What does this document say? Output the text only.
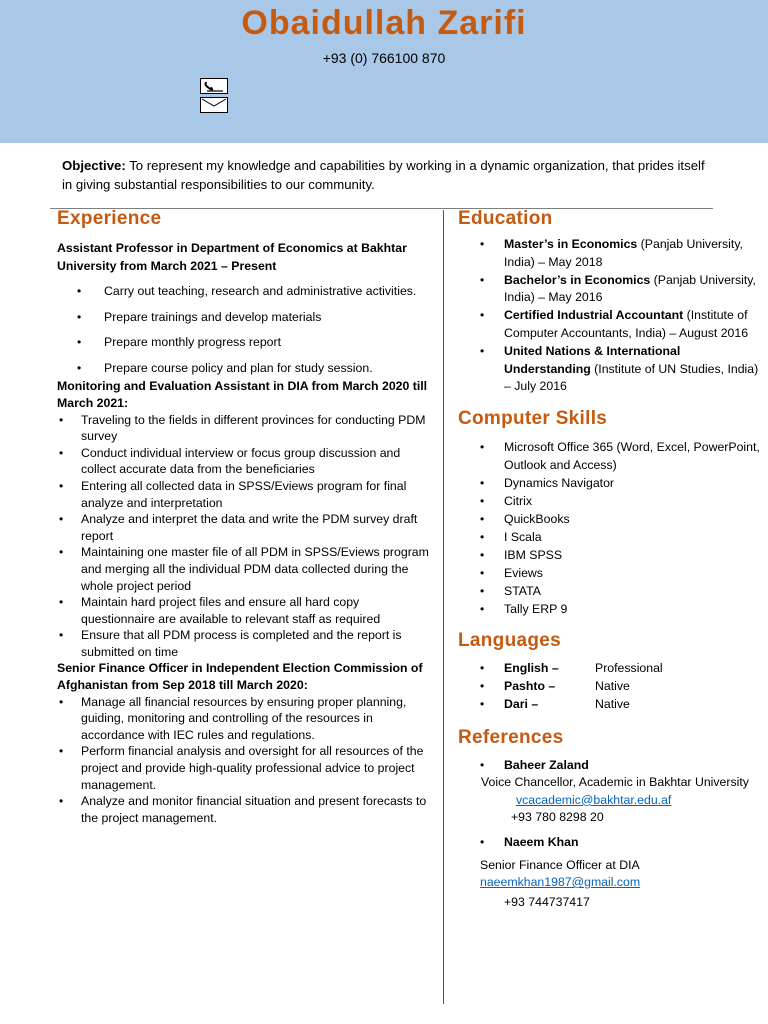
Obaidullah Zarifi
+93 (0) 766100 870
Objective: To represent my knowledge and capabilities by working in a dynamic organization, that prides itself in giving substantial responsibilities to our community.
Experience
Assistant Professor in Department of Economics at Bakhtar University from March 2021 – Present
• Carry out teaching, research and administrative activities.
• Prepare trainings and develop materials
• Prepare monthly progress report
• Prepare course policy and plan for study session.
Monitoring and Evaluation Assistant in DIA from March 2020 till March 2021:
• Traveling to the fields in different provinces for conducting PDM survey
• Conduct individual interview or focus group discussion and collect accurate data from the beneficiaries
• Entering all collected data in SPSS/Eviews program for final analyze and interpretation
• Analyze and interpret the data and write the PDM survey draft report
• Maintaining one master file of all PDM in SPSS/Eviews program and merging all the individual PDM data collected during the whole project period
• Maintain hard project files and ensure all hard copy questionnaire are available to relevant staff as required
• Ensure that all PDM process is completed and the report is submitted on time
Senior Finance Officer in Independent Election Commission of Afghanistan from Sep 2018 till March 2020:
• Manage all financial resources by ensuring proper planning, guiding, monitoring and controlling of the resources in accordance with IEC rules and regulations.
• Perform financial analysis and oversight for all resources of the project and provide high-quality professional advice to project management.
• Analyze and monitor financial situation and present forecasts to the project management.
Education
• Master’s in Economics (Panjab University, India) – May 2018
• Bachelor’s in Economics (Panjab University, India) – May 2016
• Certified Industrial Accountant (Institute of Computer Accountants, India) – August 2016
• United Nations & International Understanding (Institute of UN Studies, India) – July 2016
Computer Skills
• Microsoft Office 365 (Word, Excel, PowerPoint, Outlook and Access)
• Dynamics Navigator
• Citrix
• QuickBooks
• I Scala
• IBM SPSS
• Eviews
• STATA
• Tally ERP 9
Languages
• English –	Professional
• Pashto –	Native
• Dari –	Native
References
• Baheer Zaland
Voice Chancellor, Academic in Bakhtar University
vcacademic@bakhtar.edu.af
+93 780 8298 20
• Naeem Khan
Senior Finance Officer at DIA
naeemkhan1987@gmail.com
+93 744737417
